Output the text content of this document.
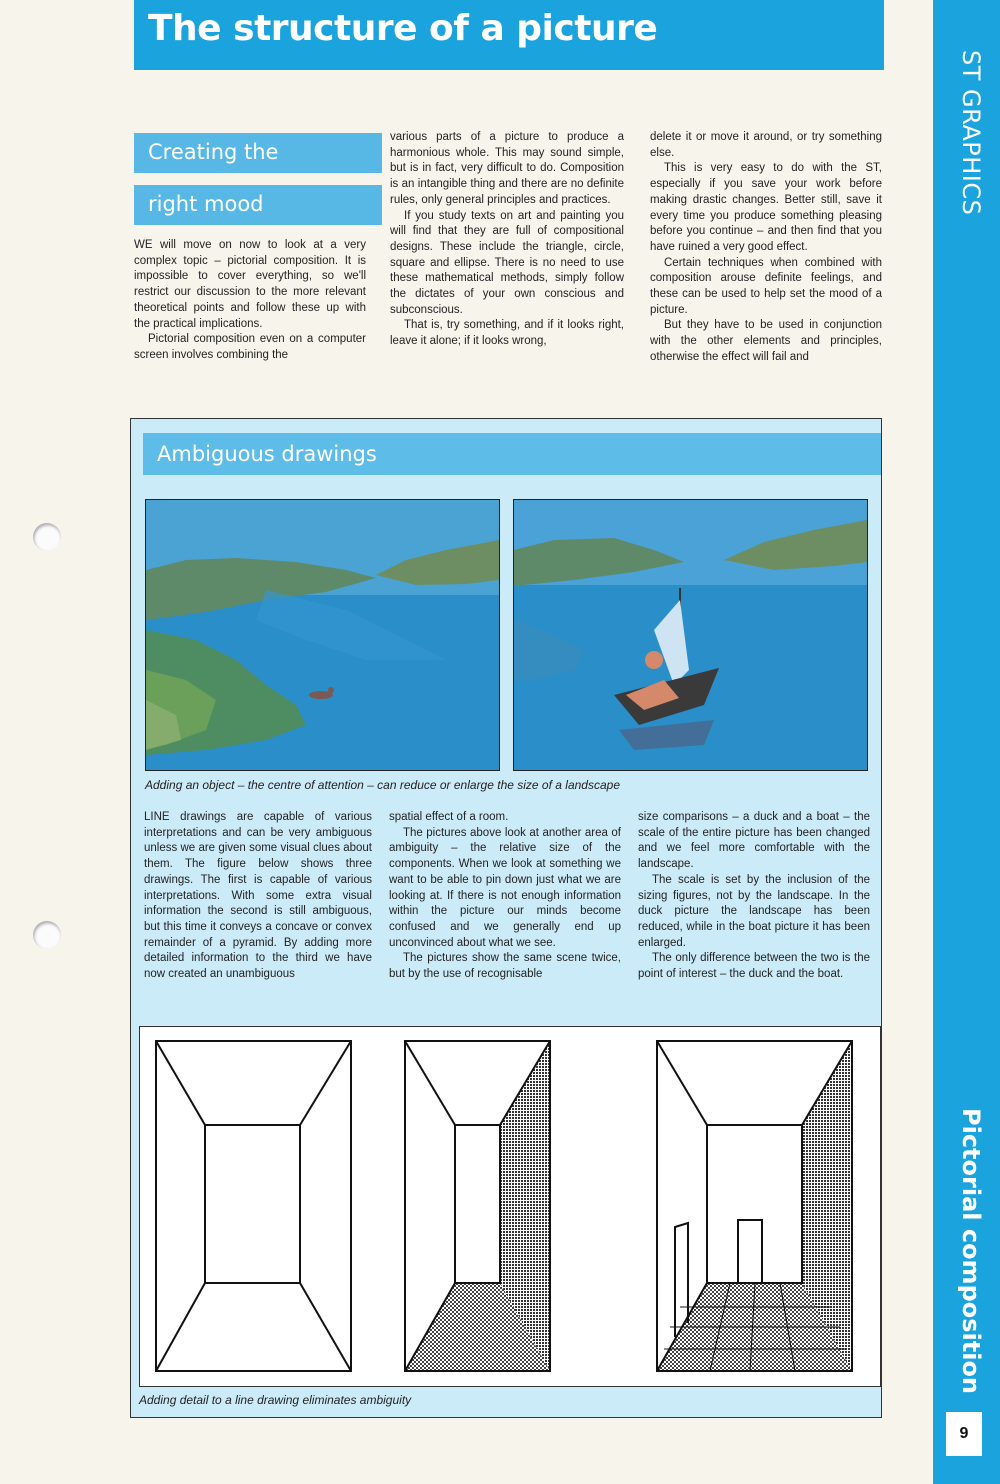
The structure of a picture
ST GRAPHICS
Pictorial composition
9
Creating the
right mood

WE will move on now to look at a very complex topic – pictorial composition. It is impossible to cover everything, so we'll restrict our discussion to the more relevant theoretical points and follow these up with the practical implications.

Pictorial composition even on a computer screen involves combining the

various parts of a picture to produce a harmonious whole. This may sound simple, but is in fact, very difficult to do. Composition is an intangible thing and there are no definite rules, only general principles and practices.

If you study texts on art and painting you will find that they are full of compositional designs. These include the triangle, circle, square and ellipse. There is no need to use these mathematical methods, simply follow the dictates of your own conscious and subconscious.

That is, try something, and if it looks right, leave it alone; if it looks wrong,

delete it or move it around, or try something else.

This is very easy to do with the ST, especially if you save your work before making drastic changes. Better still, save it every time you produce something pleasing before you continue – and then find that you have ruined a very good effect.

Certain techniques when combined with composition arouse definite feelings, and these can be used to help set the mood of a picture.

But they have to be used in conjunction with the other elements and principles, otherwise the effect will fail and

Ambiguous drawings
Adding an object – the centre of attention – can reduce or enlarge the size of a landscape

LINE drawings are capable of various interpretations and can be very ambiguous unless we are given some visual clues about them. The figure below shows three drawings. The first is capable of various interpretations. With some extra visual information the second is still ambiguous, but this time it conveys a concave or convex remainder of a pyramid. By adding more detailed information to the third we have now created an unambiguous

spatial effect of a room.

The pictures above look at another area of ambiguity – the relative size of the components. When we look at something we want to be able to pin down just what we are looking at. If there is not enough information within the picture our minds become confused and we generally end up unconvinced about what we see.

The pictures show the same scene twice, but by the use of recognisable

size comparisons – a duck and a boat – the scale of the entire picture has been changed and we feel more comfortable with the landscape.

The scale is set by the inclusion of the sizing figures, not by the landscape. In the duck picture the landscape has been reduced, while in the boat picture it has been enlarged.

The only difference between the two is the point of interest – the duck and the boat.

Adding detail to a line drawing eliminates ambiguity
